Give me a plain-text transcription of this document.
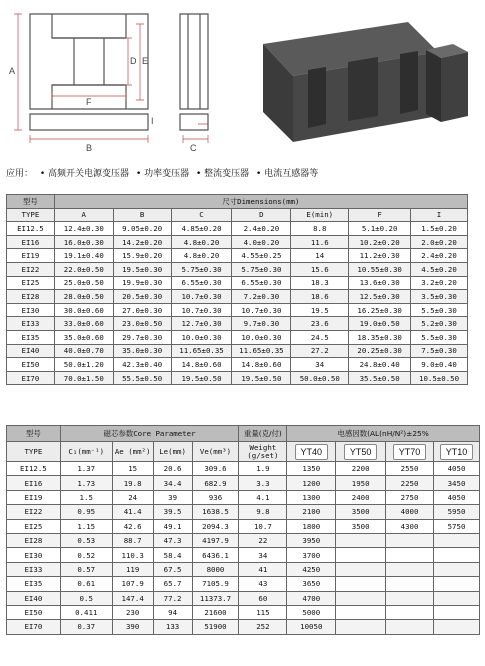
A
B	C
D E
F
I
应用： • 高频开关电源变压器 • 功率变压器 • 整流变压器 • 电流互感器等
型号	尺寸Dimensions(mm)						
TYPE	A	B	C	D	E(min)	F	I
EI12.5	12.4±0.30	9.05±0.20	4.85±0.20	2.4±0.20	8.8	5.1±0.20	1.5±0.20
EI16	16.0±0.30	14.2±0.20	4.8±0.20	4.0±0.20	11.6	10.2±0.20	2.0±0.20
EI19	19.1±0.40	15.9±0.20	4.8±0.20	4.55±0.25	14	11.2±0.30	2.4±0.20
EI22	22.0±0.50	19.5±0.30	5.75±0.30	5.75±0.30	15.6	10.55±0.30	4.5±0.20
EI25	25.0±0.50	19.9±0.30	6.55±0.30	6.55±0.30	18.3	13.6±0.30	3.2±0.20
EI28	28.0±0.50	20.5±0.30	10.7±0.30	7.2±0.30	18.6	12.5±0.30	3.5±0.30
EI30	30.0±0.60	27.0±0.30	10.7±0.30	10.7±0.30	19.5	16.25±0.30	5.5±0.30
EI33	33.0±0.60	23.0±0.50	12.7±0.30	9.7±0.30	23.6	19.0±0.50	5.2±0.30
EI35	35.0±0.60	29.7±0.30	10.0±0.30	10.0±0.30	24.5	18.35±0.30	5.5±0.30
EI40	40.0±0.70	35.0±0.30	11.65±0.35	11.65±0.35	27.2	20.25±0.30	7.5±0.30
EI50	50.0±1.20	42.3±0.40	14.8±0.60	14.8±0.60	34	24.8±0.40	9.0±0.40
EI70	70.0±1.50	55.5±0.50	19.5±0.50	19.5±0.50	50.0±0.50	35.5±0.50	10.5±0.50
型号	磁芯参数Core Parameter				重量(克/付)	电感因数(AL(nH/N²)±25%			
TYPE	C₁(mm⁻¹)	Ae (mm²)	Le(mm)	Ve(mm³)	Weight (g/set)	YT40	YT50	YT70	YT10
EI12.5	1.37	15	20.6	309.6	1.9	1350	2200	2550	4050
EI16	1.73	19.8	34.4	682.9	3.3	1200	1950	2250	3450
EI19	1.5	24	39	936	4.1	1300	2400	2750	4050
EI22	0.95	41.4	39.5	1638.5	9.8	2100	3500	4000	5950
EI25	1.15	42.6	49.1	2094.3	10.7	1800	3500	4300	5750
EI28	0.53	88.7	47.3	4197.9	22	3950			
EI30	0.52	110.3	58.4	6436.1	34	3700			
EI33	0.57	119	67.5	8000	41	4250			
EI35	0.61	107.9	65.7	7105.9	43	3650			
EI40	0.5	147.4	77.2	11373.7	60	4700			
EI50	0.411	230	94	21600	115	5000			
EI70	0.37	390	133	51900	252	10050			
